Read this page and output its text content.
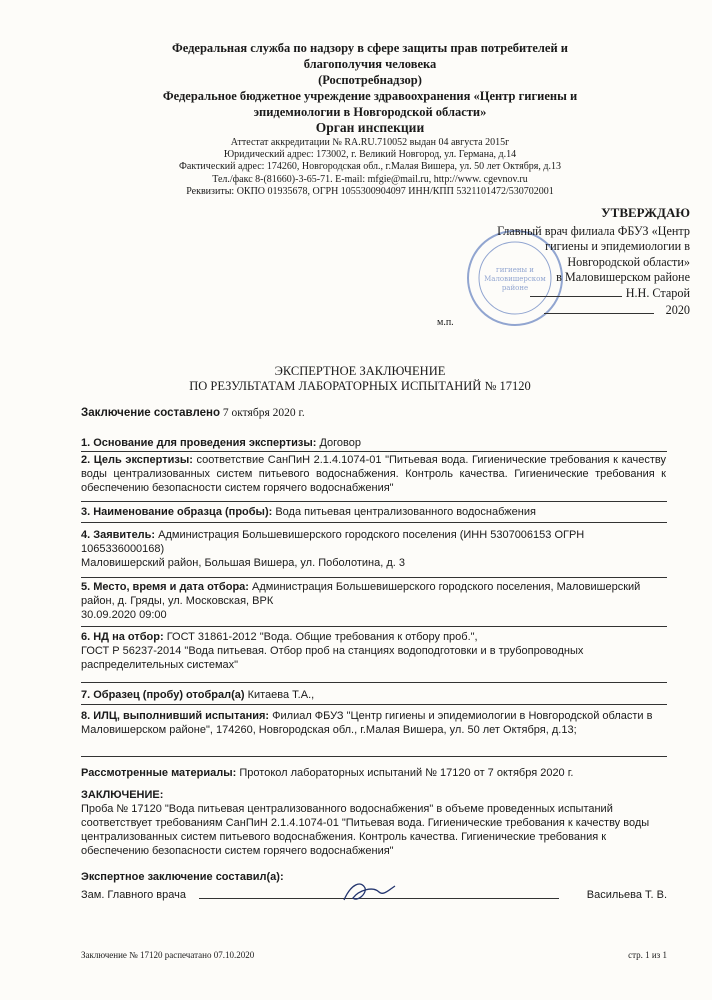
Федеральная служба по надзору в сфере защиты прав потребителей и
благополучия человека
(Роспотребнадзор)
Федеральное бюджетное учреждение здравоохранения «Центр гигиены и
эпидемиологии в Новгородской области»
Орган инспекции
Аттестат аккредитации № RA.RU.710052 выдан 04 августа 2015г
Юридический адрес: 173002, г. Великий Новгород, ул. Германа, д.14
Фактический адрес: 174260, Новгородская обл., г.Малая Вишера, ул. 50 лет Октября, д.13
Тел./факс 8-(81660)-3-65-71. E-mail: mfgie@mail.ru, http://www. cgevnov.ru
Реквизиты: ОКПО 01935678, ОГРН 1055300904097 ИНН/КПП 5321101472/530702001
гигиены и
Маловишерском
районе
УТВЕРЖДАЮ
Главный врач филиала ФБУЗ «Центр
гигиены и эпидемиологии в
Новгородской области»
в Маловишерском районе
Н.Н. Старой
2020
м.п.
ЭКСПЕРТНОЕ ЗАКЛЮЧЕНИЕ
ПО РЕЗУЛЬТАТАМ ЛАБОРАТОРНЫХ ИСПЫТАНИЙ № 17120
Заключение составлено 7 октября 2020 г.
1. Основание для проведения экспертизы: Договор
2. Цель экспертизы: соответствие СанПиН 2.1.4.1074-01 "Питьевая вода. Гигиенические требования к качеству воды централизованных систем питьевого водоснабжения. Контроль качества. Гигиенические требования к обеспечению безопасности систем горячего водоснабжения"
3. Наименование образца (пробы): Вода питьевая централизованного водоснабжения
4. Заявитель: Администрация Большевишерского городского поселения (ИНН 5307006153 ОГРН 1065336000168)
Маловишерский район, Большая Вишера, ул. Поболотина, д. 3
5. Место, время и дата отбора: Администрация Большевишерского городского поселения, Маловишерский район, д. Гряды, ул. Московская, ВРК
30.09.2020 09:00
6. НД на отбор: ГОСТ 31861-2012 "Вода. Общие требования к отбору проб.",
ГОСТ Р 56237-2014 "Вода питьевая. Отбор проб на станциях водоподготовки и в трубопроводных распределительных системах"
7. Образец (пробу) отобрал(а) Китаева Т.А.,
8. ИЛЦ, выполнивший испытания: Филиал ФБУЗ "Центр гигиены и эпидемиологии в Новгородской области в Маловишерском районе", 174260, Новгородская обл., г.Малая Вишера, ул. 50 лет Октября, д.13;
Рассмотренные материалы: Протокол лабораторных испытаний № 17120 от 7 октября 2020 г.
ЗАКЛЮЧЕНИЕ:
Проба № 17120 "Вода питьевая централизованного водоснабжения" в объеме проведенных испытаний соответствует требованиям СанПиН 2.1.4.1074-01 "Питьевая вода. Гигиенические требования к качеству воды централизованных систем питьевого водоснабжения. Контроль качества. Гигиенические требования к обеспечению безопасности систем горячего водоснабжения"
Экспертное заключение составил(а):
Зам. Главного врача	Васильева Т. В.
Заключение № 17120 распечатано 07.10.2020	стр. 1 из 1
